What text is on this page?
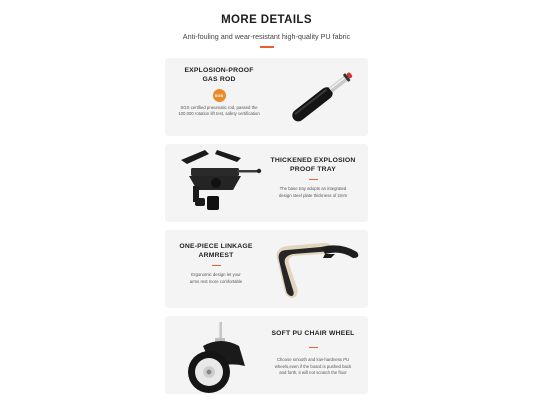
MORE DETAILS
Anti-fouling and wear-resistant high-quality PU fabric
EXPLOSION-PROOF
GAS ROD
SGS
SGS certified pneumatic rod, passed the
100,000 rotation lift test, safety certification
THICKENED EXPLOSION
PROOF TRAY
The base tray adopts an integrated
design steel plate thickness of 2mm
ONE-PIECE LINKAGE
ARMREST
Ergonomic design let your
arms rest more comfortable
SOFT PU CHAIR WHEEL
Choose smooth and low-hardness PU
wheels,even if the board is pushed back
and forth, it will not scratch the floor
